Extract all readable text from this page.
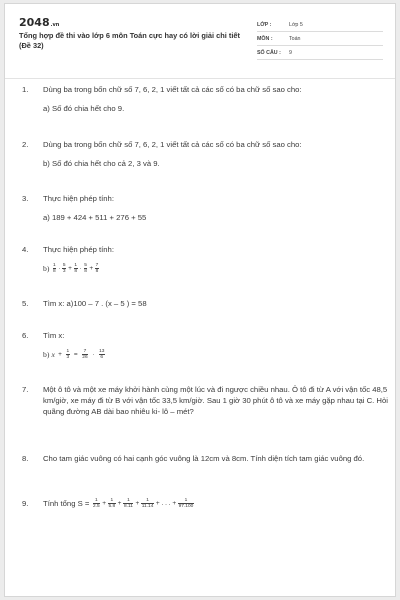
2048.vn
Tổng hợp đề thi vào lớp 6 môn Toán cực hay có lời giải chi tiết (Đề 32)
LỚP :	Lớp 5
MÔN :	Toán
SỐ CÂU : 9
1.	Dùng ba trong bốn chữ số 7, 6, 2, 1 viết tất cả các số có ba chữ số sao cho:
a) Số đó chia hết cho 9.
2.	Dùng ba trong bốn chữ số 7, 6, 2, 1 viết tất cả các số có ba chữ số sao cho:
b) Số đó chia hết cho cả 2, 3 và 9.
3.	Thực hiện phép tính:
a) 189 + 424 + 511 + 276 + 55
4.	Thực hiện phép tính:
$b) \frac{1}{8} \cdot \frac{5}{3} + \frac{1}{8} \cdot \frac{5}{8} + \frac{7}{8}$
5.	Tìm x: a)100 – 7 . (x – 5 ) = 58
6.	Tìm x:
b) $x + \frac{1}{3} = \frac{7}{26} \cdot \frac{13}{6}$
7.	Một ô tô và một xe máy khởi hành cùng một lúc và đi ngược chiều nhau. Ô tô đi từ A với vận tốc 48,5 km/giờ, xe máy đi từ B với vận tốc 33,5 km/giờ. Sau 1 giờ 30 phút ô tô và xe máy gặp nhau tại C. Hỏi quãng đường AB dài bao nhiêu ki- lô – mét?
8.	Cho tam giác vuông có hai cạnh góc vuông là 12cm và 8cm. Tính diện tích tam giác vuông đó.
9.	Tính tổng $S = \frac{1}{2.5} + \frac{1}{5.8} + \frac{1}{8.11} + \frac{1}{11.14}$ + . . . + $\frac{1}{97.100}$
